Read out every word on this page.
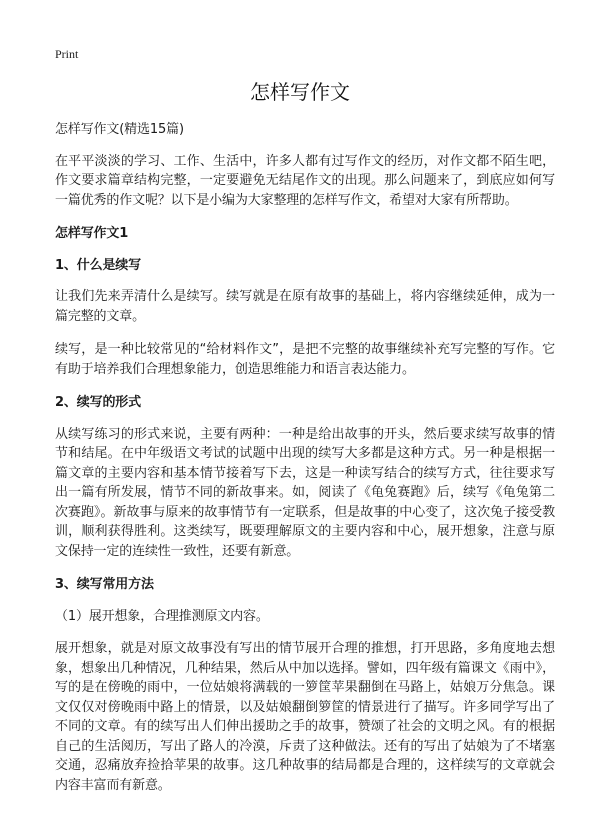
Print
怎样写作文

怎样写作文(精选15篇)

在平平淡淡的学习、工作、生活中，许多人都有过写作文的经历，对作文都不陌生吧，作文要求篇章结构完整，一定要避免无结尾作文的出现。那么问题来了，到底应如何写一篇优秀的作文呢？以下是小编为大家整理的怎样写作文，希望对大家有所帮助。

怎样写作文1

1、什么是续写

让我们先来弄清什么是续写。续写就是在原有故事的基础上，将内容继续延伸，成为一篇完整的文章。

续写，是一种比较常见的“给材料作文”，是把不完整的故事继续补充写完整的写作。它有助于培养我们合理想象能力，创造思维能力和语言表达能力。

2、续写的形式

从续写练习的形式来说，主要有两种：一种是给出故事的开头，然后要求续写故事的情节和结尾。在中年级语文考试的试题中出现的续写大多都是这种方式。另一种是根据一篇文章的主要内容和基本情节接着写下去，这是一种读写结合的续写方式，往往要求写出一篇有所发展，情节不同的新故事来。如，阅读了《龟兔赛跑》后，续写《龟兔第二次赛跑》。新故事与原来的故事情节有一定联系，但是故事的中心变了，这次兔子接受教训，顺利获得胜利。这类续写，既要理解原文的主要内容和中心，展开想象，注意与原文保持一定的连续性一致性，还要有新意。

3、续写常用方法

（1）展开想象，合理推测原文内容。

展开想象，就是对原文故事没有写出的情节展开合理的推想，打开思路，多角度地去想象，想象出几种情况，几种结果，然后从中加以选择。譬如，四年级有篇课文《雨中》，写的是在傍晚的雨中，一位姑娘将满载的一箩筐苹果翻倒在马路上，姑娘万分焦急。课文仅仅对傍晚雨中路上的情景，以及姑娘翻倒箩筐的情景进行了描写。许多同学写出了不同的文章。有的续写出人们伸出援助之手的故事，赞颂了社会的文明之风。有的根据自己的生活阅历，写出了路人的冷漠，斥责了这种做法。还有的写出了姑娘为了不堵塞交通，忍痛放弃捡拾苹果的故事。这几种故事的结局都是合理的，这样续写的文章就会内容丰富而有新意。
